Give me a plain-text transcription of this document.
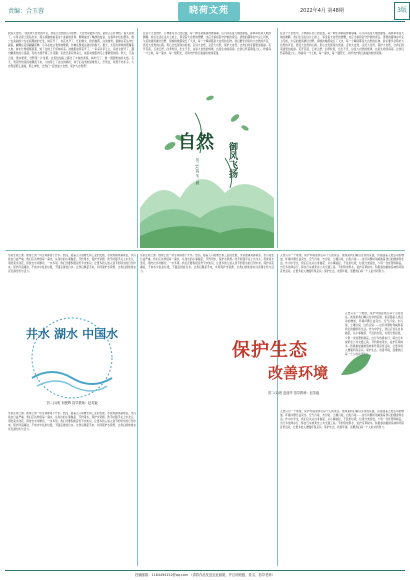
责编：合玉蓉	晓荷文苑	2022年4月 第48期	3版
我爱大自然。 我喜欢大自然的声音，我爱大自然的山川原野。大自然是最伟大的，能使人心旷神怡。春天到来了，小草从泥土里钻出来，探头探脑地看着这个美丽的世界。柳树抽出了嫩绿的枝条，在春风中轻轻摆动，像一位美丽的少女在梳理她的长发。桃花开了，杏花也开了，红的像火，粉的像霞，白的像雪。蜜蜂在花丛中忙碌着，蝴蝶在花间翩翩起舞。小鸟在枝头欢快地歌唱，仿佛在赞美这美好的春天。夏天，太阳火辣辣地照耀着大地，树木长得郁郁葱葱，知了在树上不停地叫着。池塘里的荷花开了，一朵朵亭亭玉立，有的全展开了，露出嫩黄色的小莲蓬；有的才展开两三片花瓣；有的还是花骨朵儿，看起来饱胀得马上要破裂似的。秋天，天高云淡，果实累累，田野里一片金黄，农民伯伯脸上露出了丰收的喜悦。枫叶红了，像一团团燃烧的火焰。冬天，雪花纷纷扬扬地飘落下来，大地穿上了洁白的棉袄，孩子们在雪地里堆雪人、打雪仗，玩得不亦乐乎。大自然是那么美丽，那么神奇，让我们一起热爱大自然，保护大自然吧！
在这个大自然中，万物都有自己的位置，每一种生命都值得被尊重。山川河流是大地的脉络，森林草原是大地的肺腑。我们生活在这片土地上，享受着大自然的馈赠，也应当承担起守护她的责任。清晨的露珠在叶尖上闪烁，午后的微风拂过田野，傍晚的晚霞染红了天边，每一个瞬间都是大自然的礼物。我们要学会聆听大自然的声音，感受大自然的心跳，用心去发现身边的美。走进大自然，亲近大自然，保护大自然，让我们的家园更加美丽。花开花落，云卷云舒，四季轮回，生生不息，这是大自然的规律，也是生命的真谛。让我们怀着敬畏之心，珍惜每一寸土地，每一滴水，每一缕阳光，共同守护我们美丽的地球家园。
自然 御风飞扬
初二(1)班 朱一涵
在这个大自然中，万物都有自己的位置，每一种生命都值得被尊重。山川河流是大地的脉络，森林草原是大地的肺腑。我们生活在这片土地上，享受着大自然的馈赠，也应当承担起守护她的责任。清晨的露珠在叶尖上闪烁，午后的微风拂过田野，傍晚的晚霞染红了天边，每一个瞬间都是大自然的礼物。我们要学会聆听大自然的声音，感受大自然的心跳，用心去发现身边的美。走进大自然，亲近大自然，保护大自然，让我们的家园更加美丽。花开花落，云卷云舒，四季轮回，生生不息，这是大自然的规律，也是生命的真谛。让我们怀着敬畏之心，珍惜每一寸土地，每一滴水，每一缕阳光，共同守护我们美丽的地球家园。
水是生命之源。地球上的一切生命都离不开水。然而，随着人口的增长和工业的发展，水资源越来越紧张，水污染也日益严重。我们应该珍惜每一滴水，从身边的小事做起，节约用水，保护水资源。洗手时随手关上水龙头，用洗菜水浇花，用洗衣水冲厕所，一水多用。我们还要积极宣传节水知识，让更多的人加入到节约用水的行列中来。保护河流湖泊，不向水中乱扔垃圾，不随意排放污水。让我们携起手来，共同保护水资源，让我们的地球永远充满生机与活力。
水是生命之源。地球上的一切生命都离不开水。然而，随着人口的增长和工业的发展，水资源越来越紧张，水污染也日益严重。我们应该珍惜每一滴水，从身边的小事做起，节约用水，保护水资源。洗手时随手关上水龙头，用洗菜水浇花，用洗衣水冲厕所，一水多用。我们还要积极宣传节水知识，让更多的人加入到节约用水的行列中来。保护河流湖泊，不向水中乱扔垃圾，不随意排放污水。让我们携起手来，共同保护水资源，让我们的地球永远充满生机与活力。
井水 湖水 中国水
初二(1)班 何俊辉 指导教师：赵英毅
水是生命之源。地球上的一切生命都离不开水。然而，随着人口的增长和工业的发展，水资源越来越紧张，水污染也日益严重。我们应该珍惜每一滴水，从身边的小事做起，节约用水，保护水资源。洗手时随手关上水龙头，用洗菜水浇花，用洗衣水冲厕所，一水多用。我们还要积极宣传节水知识，让更多的人加入到节约用水的行列中来。保护河流湖泊，不向水中乱扔垃圾，不随意排放污水。让我们携起手来，共同保护水资源，让我们的地球永远充满生机与活力。
人类只有一个地球，保护环境是我们每个人的责任。地球是我们赖以生存的家园，但是随着人类活动的增加，环境问题日益突出。空气污染、水污染、土壤污染、白色污染……这些问题时刻威胁着我们的健康和生活。作为中学生，我们应该从自身做起，从小事做起，不乱扔垃圾，垃圾分类投放，少用一次性塑料制品，出行多选择步行、骑自行车或乘坐公共交通工具。节约用电用水，爱护花草树木。积极参加植树造林和环保宣传活动，让更多的人增强环保意识。保护生态，改善环境，需要我们每一个人的共同努力。
保护生态
改善环境
初二(1)班 赵丽华 指导教师：赵英毅
人类只有一个地球，保护环境是我们每个人的责任。地球是我们赖以生存的家园，但是随着人类活动的增加，环境问题日益突出。空气污染、水污染、土壤污染、白色污染……这些问题时刻威胁着我们的健康和生活。作为中学生，我们应该从自身做起，从小事做起，不乱扔垃圾，垃圾分类投放，少用一次性塑料制品，出行多选择步行、骑自行车或乘坐公共交通工具。节约用电用水，爱护花草树木。积极参加植树造林和环保宣传活动，让更多的人增强环保意识。保护生态，改善环境，需要我们每一个人的共同努力。
人类只有一个地球，保护环境是我们每个人的责任。地球是我们赖以生存的家园，但是随着人类活动的增加，环境问题日益突出。空气污染、水污染、土壤污染、白色污染……这些问题时刻威胁着我们的健康和生活。作为中学生，我们应该从自身做起，从小事做起，不乱扔垃圾，垃圾分类投放，少用一次性塑料制品，出行多选择步行、骑自行车或乘坐公共交通工具。节约用电用水，爱护花草树木。积极参加植树造林和环保宣传活动，让更多的人增强环保意识。保护生态，改善环境，需要我们每一个人的共同努力。
投稿邮箱：1164494152@qq.com （请将作品发送至此邮箱，并注明班级、姓名、指导老师）
